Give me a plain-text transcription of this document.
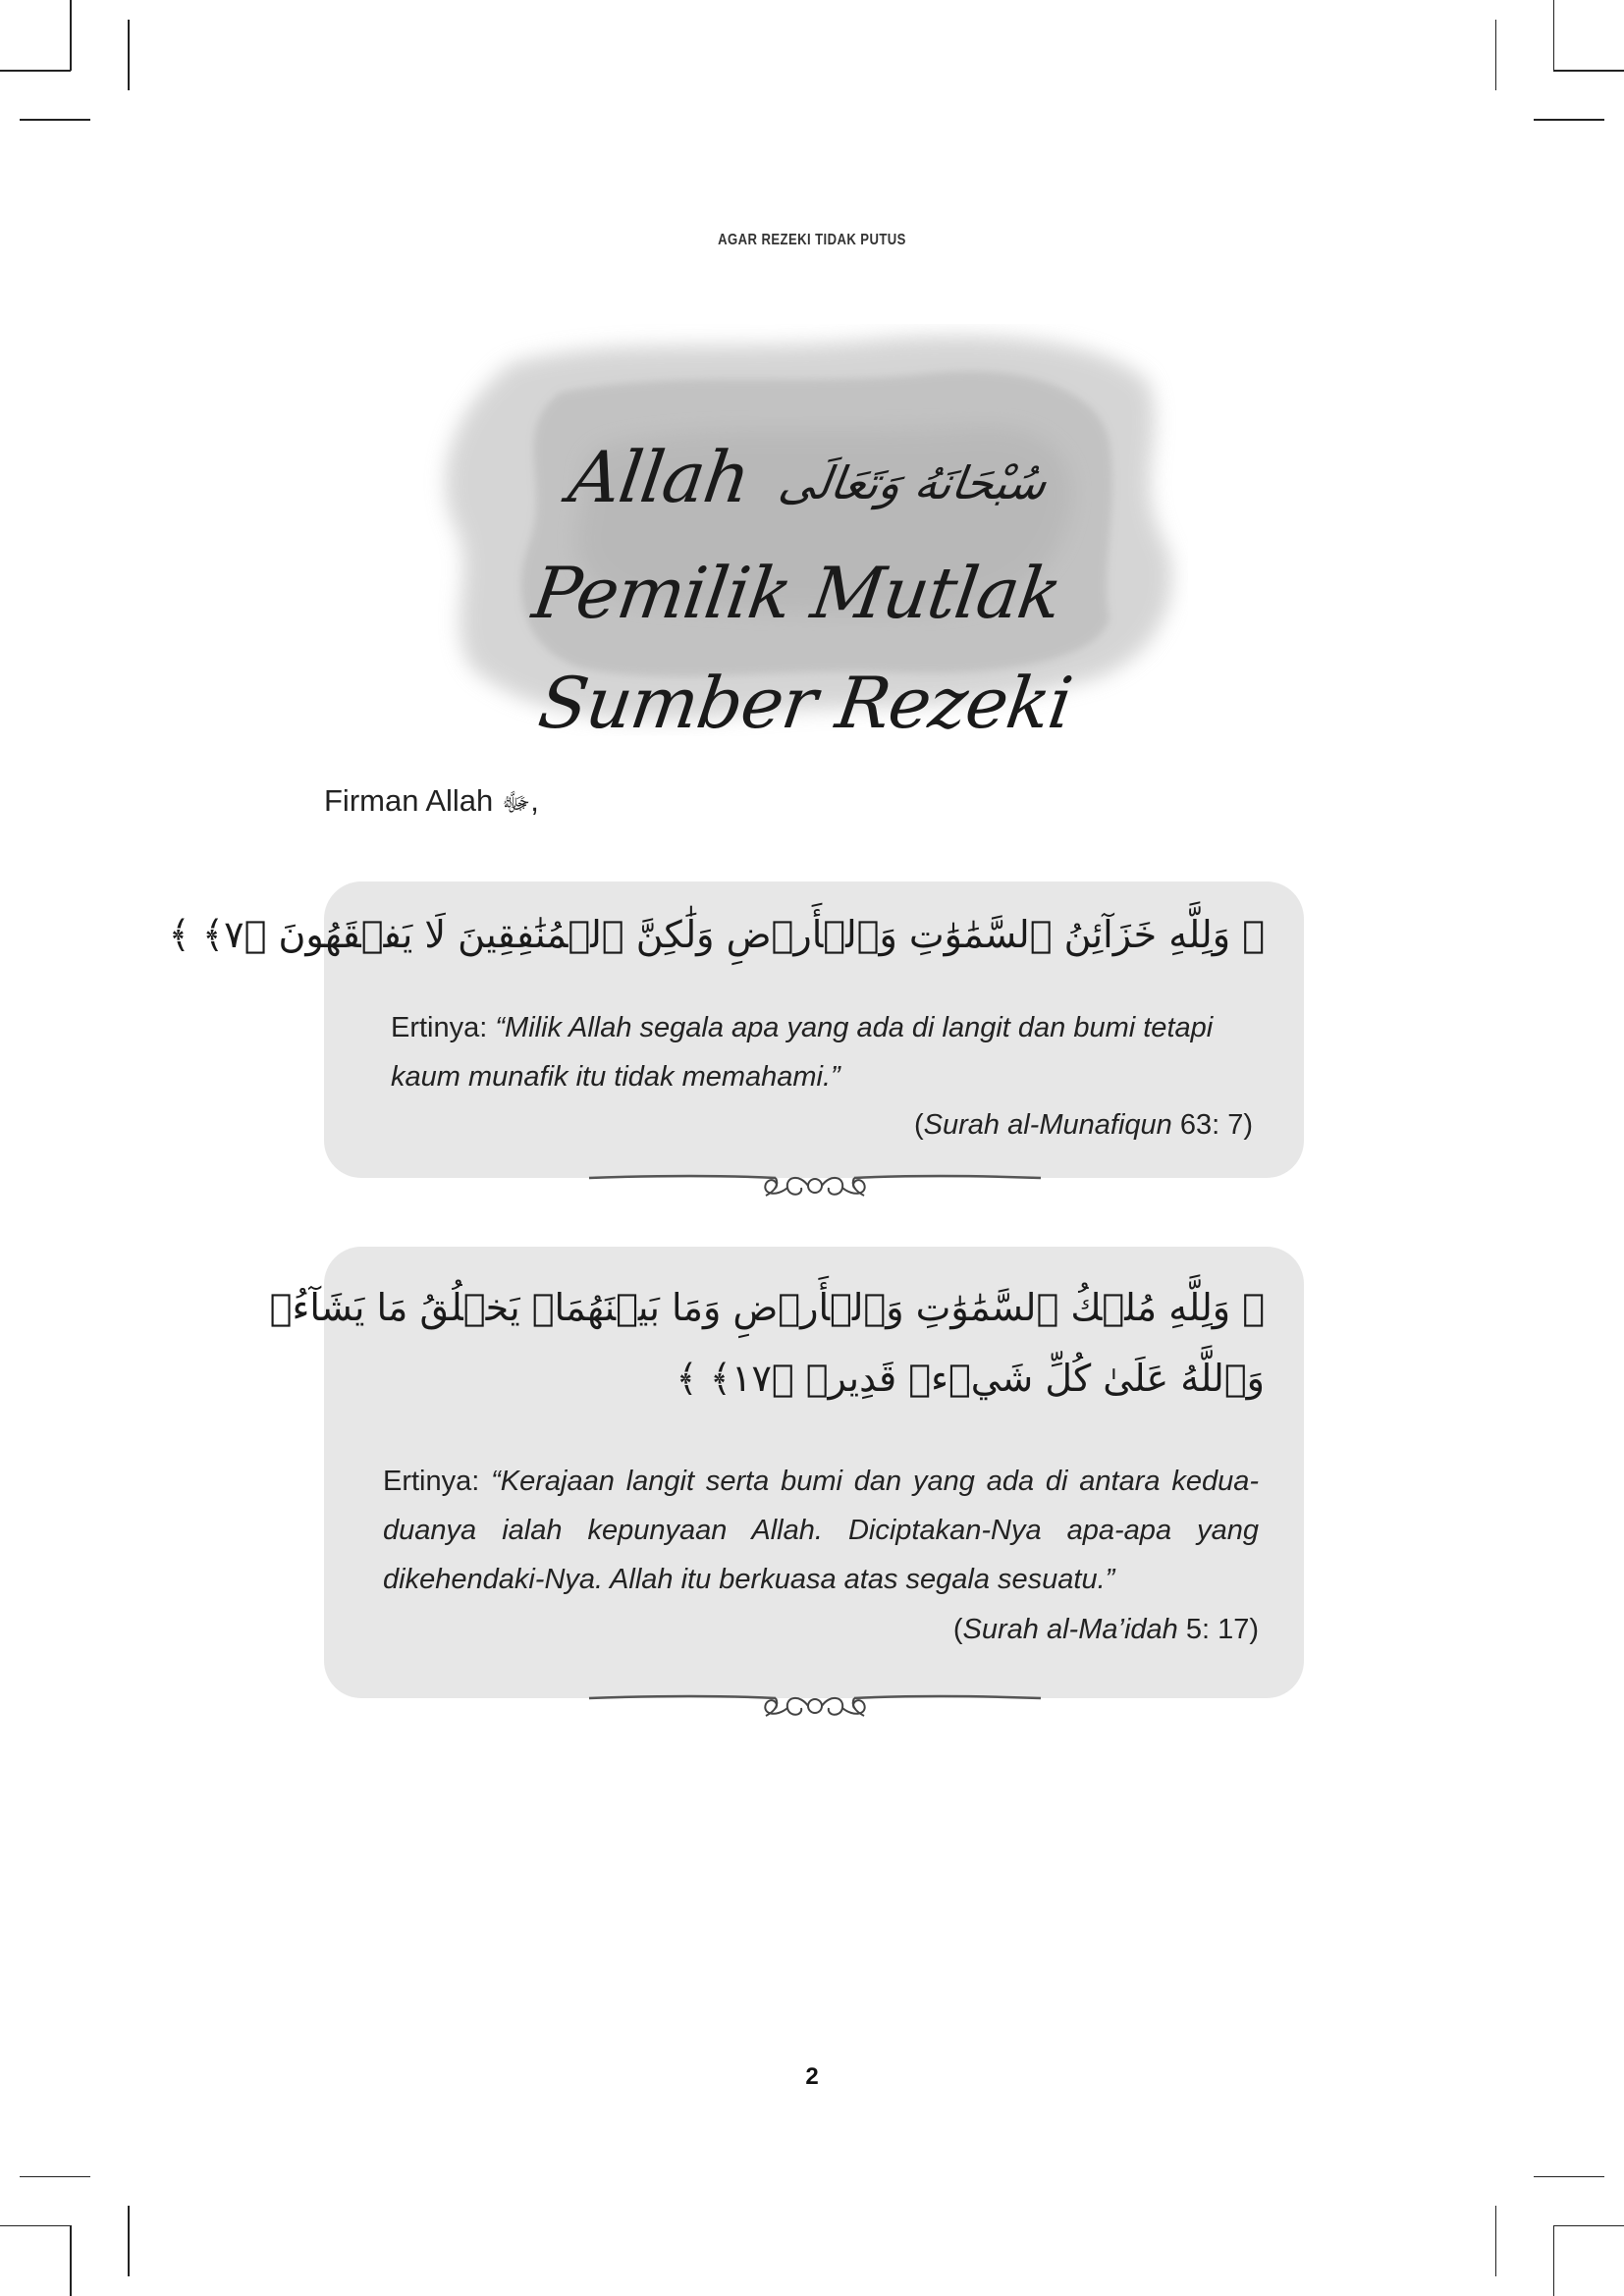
AGAR REZEKI TIDAK PUTUS
Allah سُبْحَانَهُ وَتَعَالَى Pemilik Mutlak
Sumber Rezeki
Firman Allah ﷻ,
﴿ وَلِلَّهِ خَزَآئِنُ ٱلسَّمَٰوَٰتِ وَٱلۡأَرۡضِ وَلَٰكِنَّ ٱلۡمُنَٰفِقِينَ لَا يَفۡقَهُونَ ﴿٧﴾ ﴾
Ertinya: “Milik Allah segala apa yang ada di langit dan bumi tetapi kaum munafik itu tidak memahami.”
(Surah al-Munafiqun 63: 7)
﴿ وَلِلَّهِ مُلۡكُ ٱلسَّمَٰوَٰتِ وَٱلۡأَرۡضِ وَمَا بَيۡنَهُمَاۚ يَخۡلُقُ مَا يَشَآءُۚ
وَٱللَّهُ عَلَىٰ كُلِّ شَيۡءٖ قَدِيرٞ ﴿١٧﴾ ﴾
Ertinya: “Kerajaan langit serta bumi dan yang ada di antara kedua-duanya ialah kepunyaan Allah. Diciptakan-Nya apa-apa yang dikehendaki-Nya. Allah itu berkuasa atas segala sesuatu.”
(Surah al-Ma’idah 5: 17)
2
